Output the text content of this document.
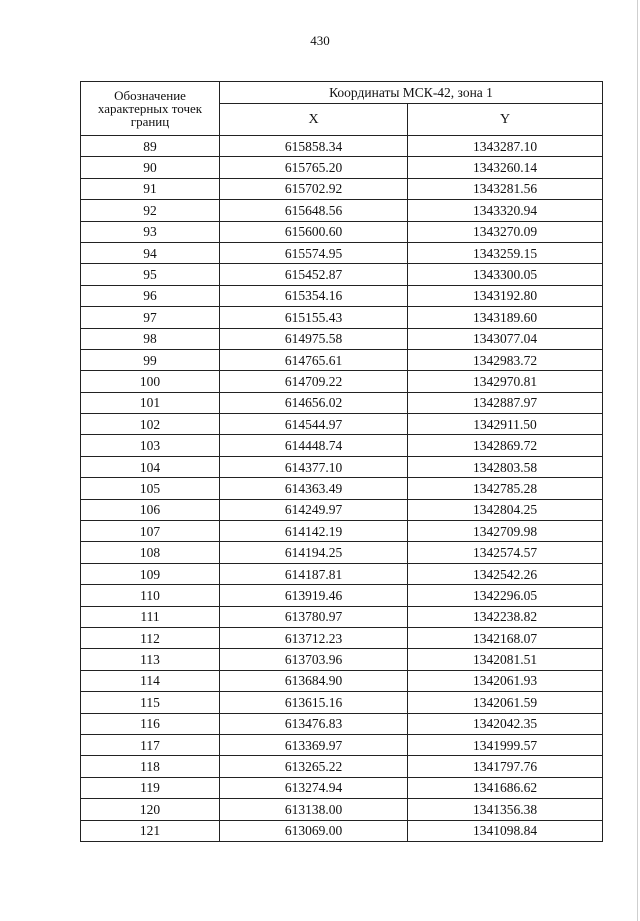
430
Обозначение характерных точек границ	Координаты МСК-42, зона 1	
	X	Y
89	615858.34	1343287.10
90	615765.20	1343260.14
91	615702.92	1343281.56
92	615648.56	1343320.94
93	615600.60	1343270.09
94	615574.95	1343259.15
95	615452.87	1343300.05
96	615354.16	1343192.80
97	615155.43	1343189.60
98	614975.58	1343077.04
99	614765.61	1342983.72
100	614709.22	1342970.81
101	614656.02	1342887.97
102	614544.97	1342911.50
103	614448.74	1342869.72
104	614377.10	1342803.58
105	614363.49	1342785.28
106	614249.97	1342804.25
107	614142.19	1342709.98
108	614194.25	1342574.57
109	614187.81	1342542.26
110	613919.46	1342296.05
111	613780.97	1342238.82
112	613712.23	1342168.07
113	613703.96	1342081.51
114	613684.90	1342061.93
115	613615.16	1342061.59
116	613476.83	1342042.35
117	613369.97	1341999.57
118	613265.22	1341797.76
119	613274.94	1341686.62
120	613138.00	1341356.38
121	613069.00	1341098.84
